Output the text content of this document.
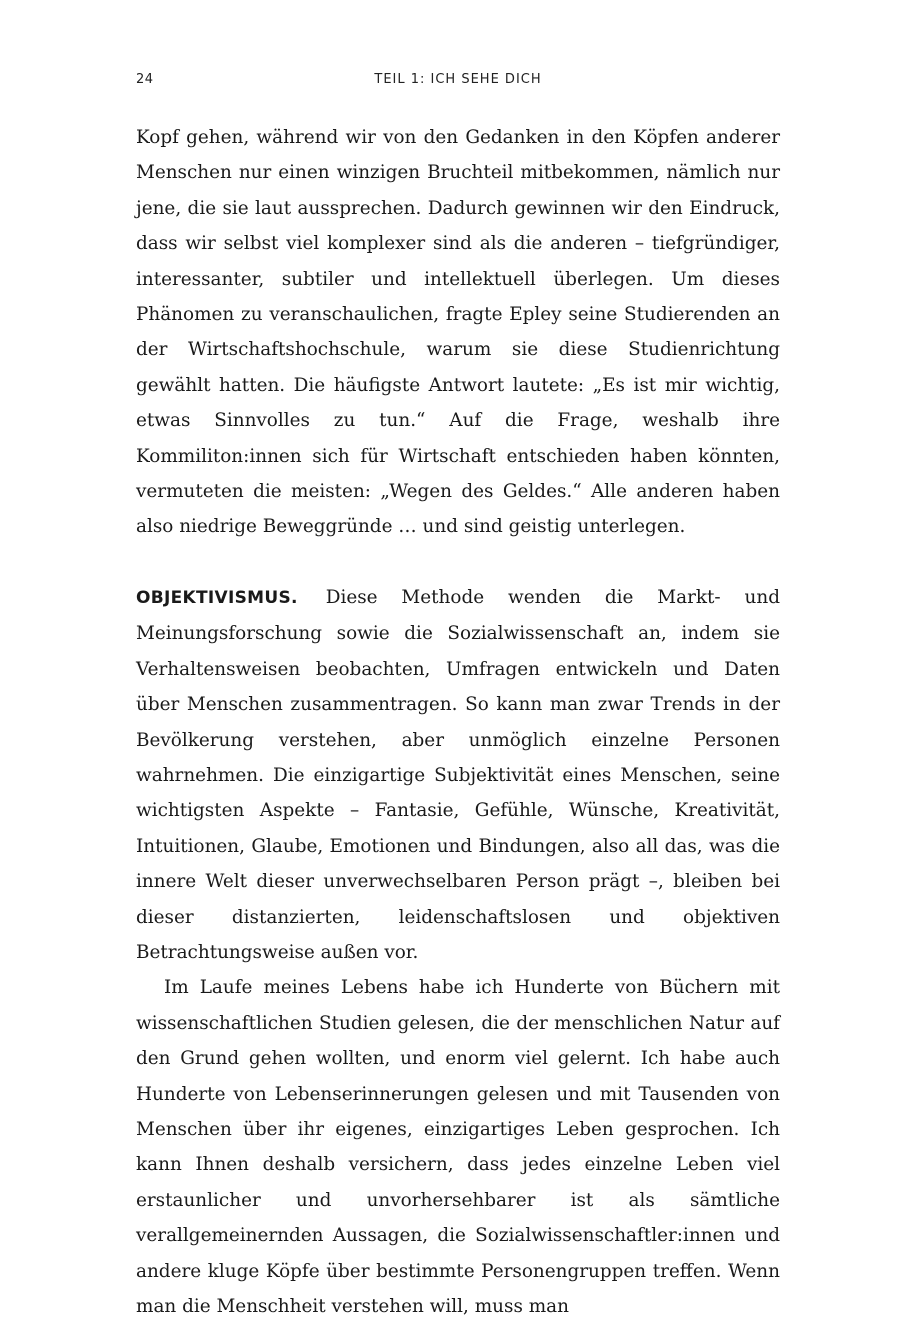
24	TEIL 1: ICH SEHE DICH

Kopf gehen, während wir von den Gedanken in den Köpfen anderer Menschen nur einen winzigen Bruchteil mitbekommen, nämlich nur jene, die sie laut aussprechen. Dadurch gewinnen wir den Eindruck, dass wir selbst viel komplexer sind als die anderen – tiefgründiger, interessanter, subtiler und intellektuell überlegen. Um dieses Phänomen zu veranschaulichen, fragte Epley seine Studierenden an der Wirtschaftshochschule, warum sie diese Studienrichtung gewählt hatten. Die häufigste Antwort lautete: „Es ist mir wichtig, etwas Sinnvolles zu tun.“ Auf die Frage, weshalb ihre Kommiliton:innen sich für Wirtschaft entschieden haben könnten, vermuteten die meisten: „Wegen des Geldes.“ Alle anderen haben also niedrige Beweggründe … und sind geistig unterlegen.

OBJEKTIVISMUS. Diese Methode wenden die Markt- und Meinungsforschung sowie die Sozialwissenschaft an, indem sie Verhaltensweisen beobachten, Umfragen entwickeln und Daten über Menschen zusammentragen. So kann man zwar Trends in der Bevölkerung verstehen, aber unmöglich einzelne Personen wahrnehmen. Die einzigartige Subjektivität eines Menschen, seine wichtigsten Aspekte – Fantasie, Gefühle, Wünsche, Kreativität, Intuitionen, Glaube, Emotionen und Bindungen, also all das, was die innere Welt dieser unverwechselbaren Person prägt –, bleiben bei dieser distanzierten, leidenschaftslosen und objektiven Betrachtungsweise außen vor.

Im Laufe meines Lebens habe ich Hunderte von Büchern mit wissenschaftlichen Studien gelesen, die der menschlichen Natur auf den Grund gehen wollten, und enorm viel gelernt. Ich habe auch Hunderte von Lebenserinnerungen gelesen und mit Tausenden von Menschen über ihr eigenes, einzigartiges Leben gesprochen. Ich kann Ihnen deshalb versichern, dass jedes einzelne Leben viel erstaunlicher und unvorhersehbarer ist als sämtliche verallgemeinernden Aussagen, die Sozialwissenschaftler:innen und andere kluge Köpfe über bestimmte Personengruppen treffen. Wenn man die Menschheit verstehen will, muss man
